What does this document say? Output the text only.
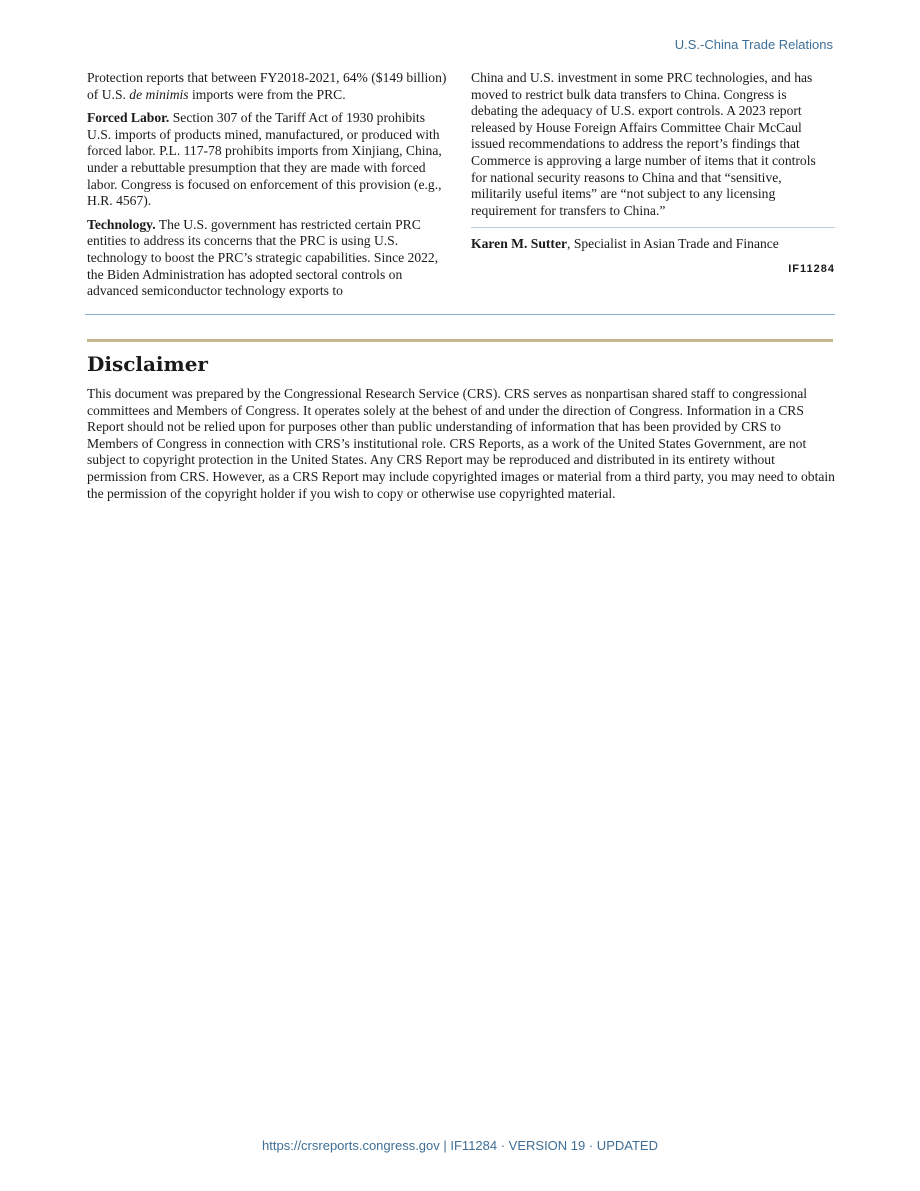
U.S.-China Trade Relations

Protection reports that between FY2018-2021, 64% ($149 billion) of U.S. de minimis imports were from the PRC.

Forced Labor. Section 307 of the Tariff Act of 1930 prohibits U.S. imports of products mined, manufactured, or produced with forced labor. P.L. 117-78 prohibits imports from Xinjiang, China, under a rebuttable presumption that they are made with forced labor. Congress is focused on enforcement of this provision (e.g., H.R. 4567).

Technology. The U.S. government has restricted certain PRC entities to address its concerns that the PRC is using U.S. technology to boost the PRC’s strategic capabilities. Since 2022, the Biden Administration has adopted sectoral controls on advanced semiconductor technology exports to

China and U.S. investment in some PRC technologies, and has moved to restrict bulk data transfers to China. Congress is debating the adequacy of U.S. export controls. A 2023 report released by House Foreign Affairs Committee Chair McCaul issued recommendations to address the report’s findings that Commerce is approving a large number of items that it controls for national security reasons to China and that “sensitive, militarily useful items” are “not subject to any licensing requirement for transfers to China.”

Karen M. Sutter, Specialist in Asian Trade and Finance

IF11284
Disclaimer

This document was prepared by the Congressional Research Service (CRS). CRS serves as nonpartisan shared staff to congressional committees and Members of Congress. It operates solely at the behest of and under the direction of Congress. Information in a CRS Report should not be relied upon for purposes other than public understanding of information that has been provided by CRS to Members of Congress in connection with CRS’s institutional role. CRS Reports, as a work of the United States Government, are not subject to copyright protection in the United States. Any CRS Report may be reproduced and distributed in its entirety without permission from CRS. However, as a CRS Report may include copyrighted images or material from a third party, you may need to obtain the permission of the copyright holder if you wish to copy or otherwise use copyrighted material.

https://crsreports.congress.gov | IF11284 · VERSION 19 · UPDATED
